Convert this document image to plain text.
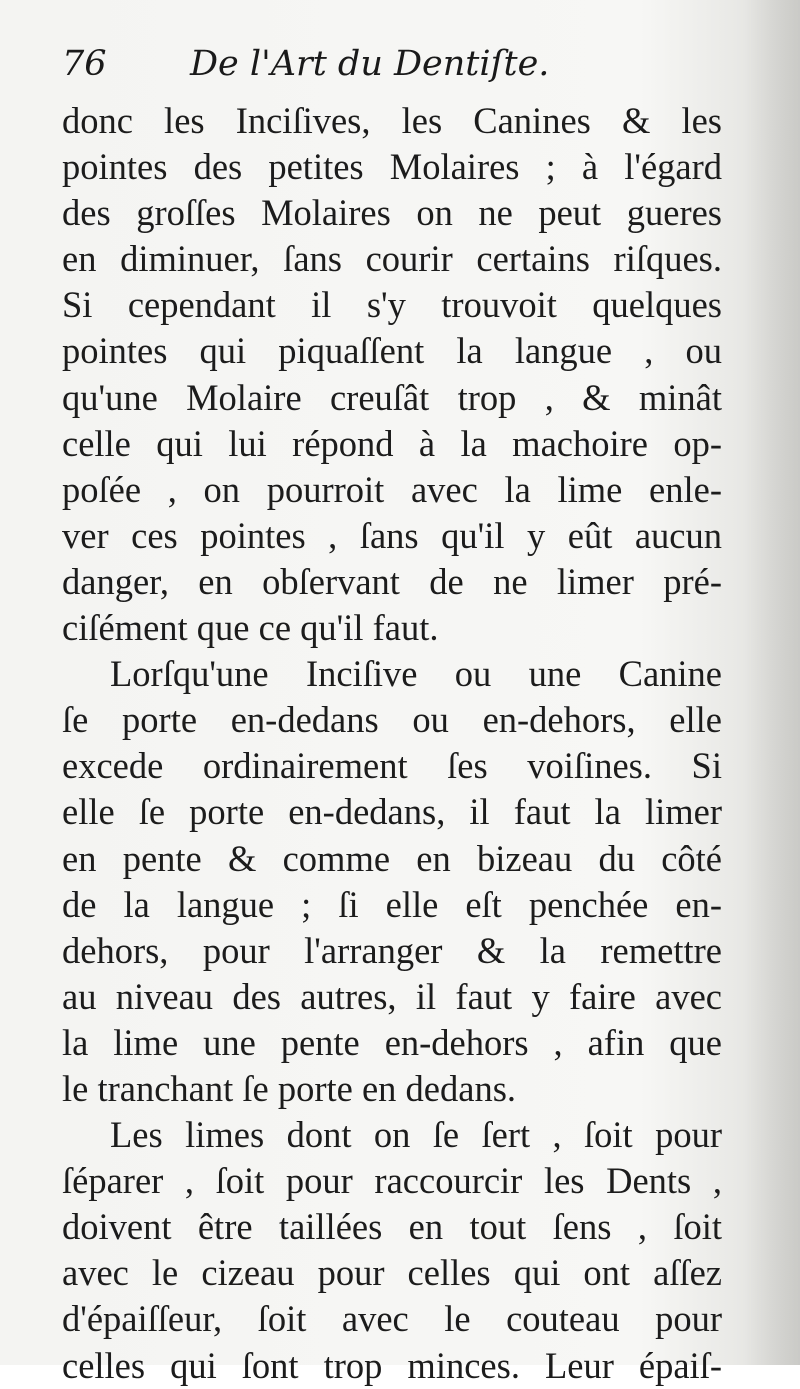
76 De l'Art du Dentiſte.
donc les Inciſives, les Canines & les
pointes des petites Molaires ; à l'égard
des groſſes Molaires on ne peut gueres
en diminuer, ſans courir certains riſques.
Si cependant il s'y trouvoit quelques
pointes qui piquaſſent la langue , ou
qu'une Molaire creuſât trop , & minât
celle qui lui répond à la machoire op-
poſée , on pourroit avec la lime enle-
ver ces pointes , ſans qu'il y eût aucun
danger, en obſervant de ne limer pré-
ciſément que ce qu'il faut.
Lorſqu'une Inciſive ou une Canine
ſe porte en-dedans ou en-dehors, elle
excede ordinairement ſes voiſines. Si
elle ſe porte en-dedans, il faut la limer
en pente & comme en bizeau du côté
de la langue ; ſi elle eſt penchée en-
dehors, pour l'arranger & la remettre
au niveau des autres, il faut y faire avec
la lime une pente en-dehors , afin que
le tranchant ſe porte en dedans.
Les limes dont on ſe ſert , ſoit pour
ſéparer , ſoit pour raccourcir les Dents ,
doivent être taillées en tout ſens , ſoit
avec le cizeau pour celles qui ont aſſez
d'épaiſſeur, ſoit avec le couteau pour
celles qui ſont trop minces. Leur épaiſ-
